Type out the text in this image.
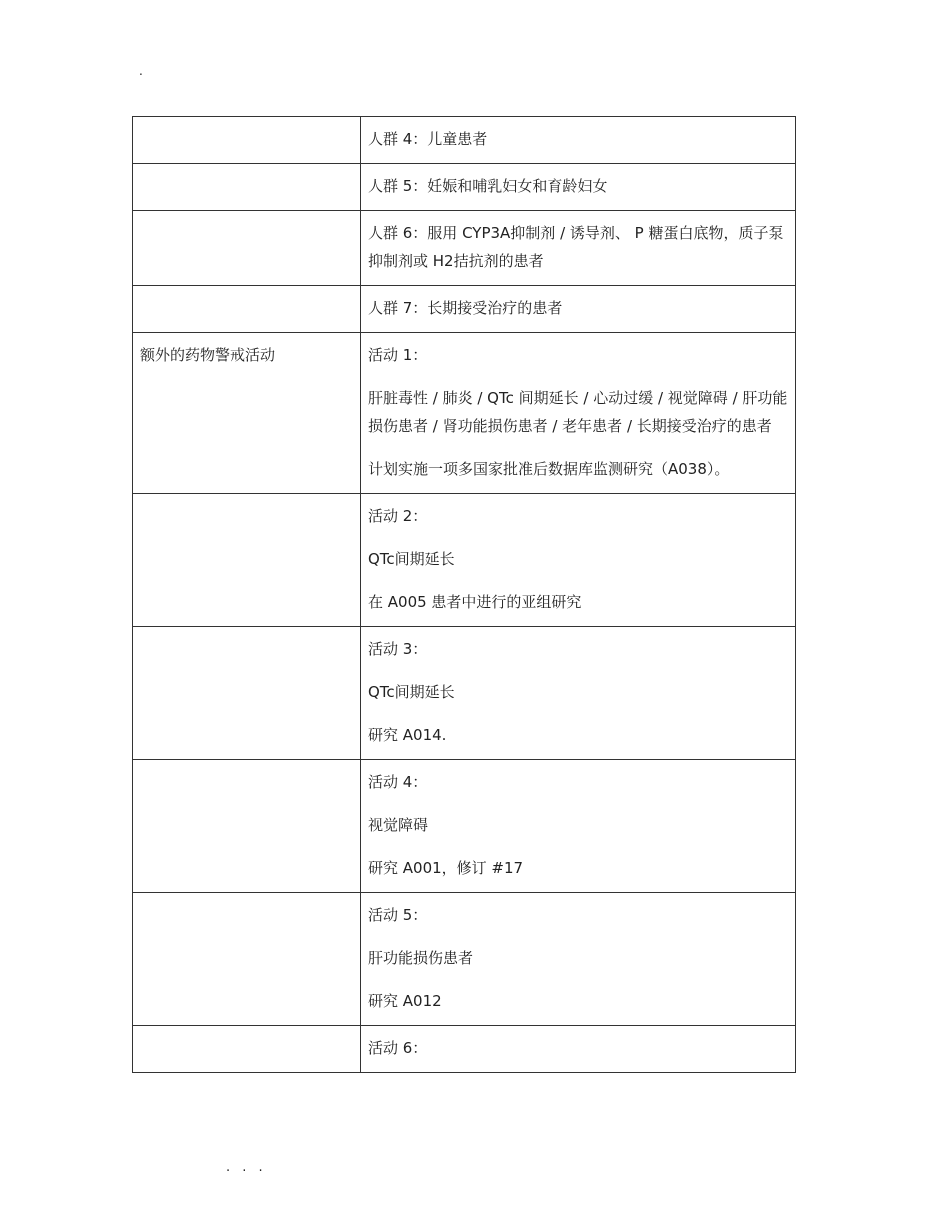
.

	人群 4：儿童患者

	人群 5：妊娠和哺乳妇女和育龄妇女

	人群 6：服用 CYP3A抑制剂 / 诱导剂、 P 糖蛋白底物，质子泵抑制剂或 H2拮抗剂的患者

	人群 7：长期接受治疗的患者

额外的药物警戒活动	活动 1：

肝脏毒性 / 肺炎 / QTc 间期延长 / 心动过缓 / 视觉障碍 / 肝功能损伤患者 / 肾功能损伤患者 / 老年患者 / 长期接受治疗的患者

计划实施一项多国家批准后数据库监测研究（A038）。

	活动 2：

QTc间期延长

在 A005 患者中进行的亚组研究

	活动 3：

QTc间期延长

研究 A014.

	活动 4：

视觉障碍

研究 A001，修订 #17

	活动 5：

肝功能损伤患者

研究 A012

	活动 6：

. . .
